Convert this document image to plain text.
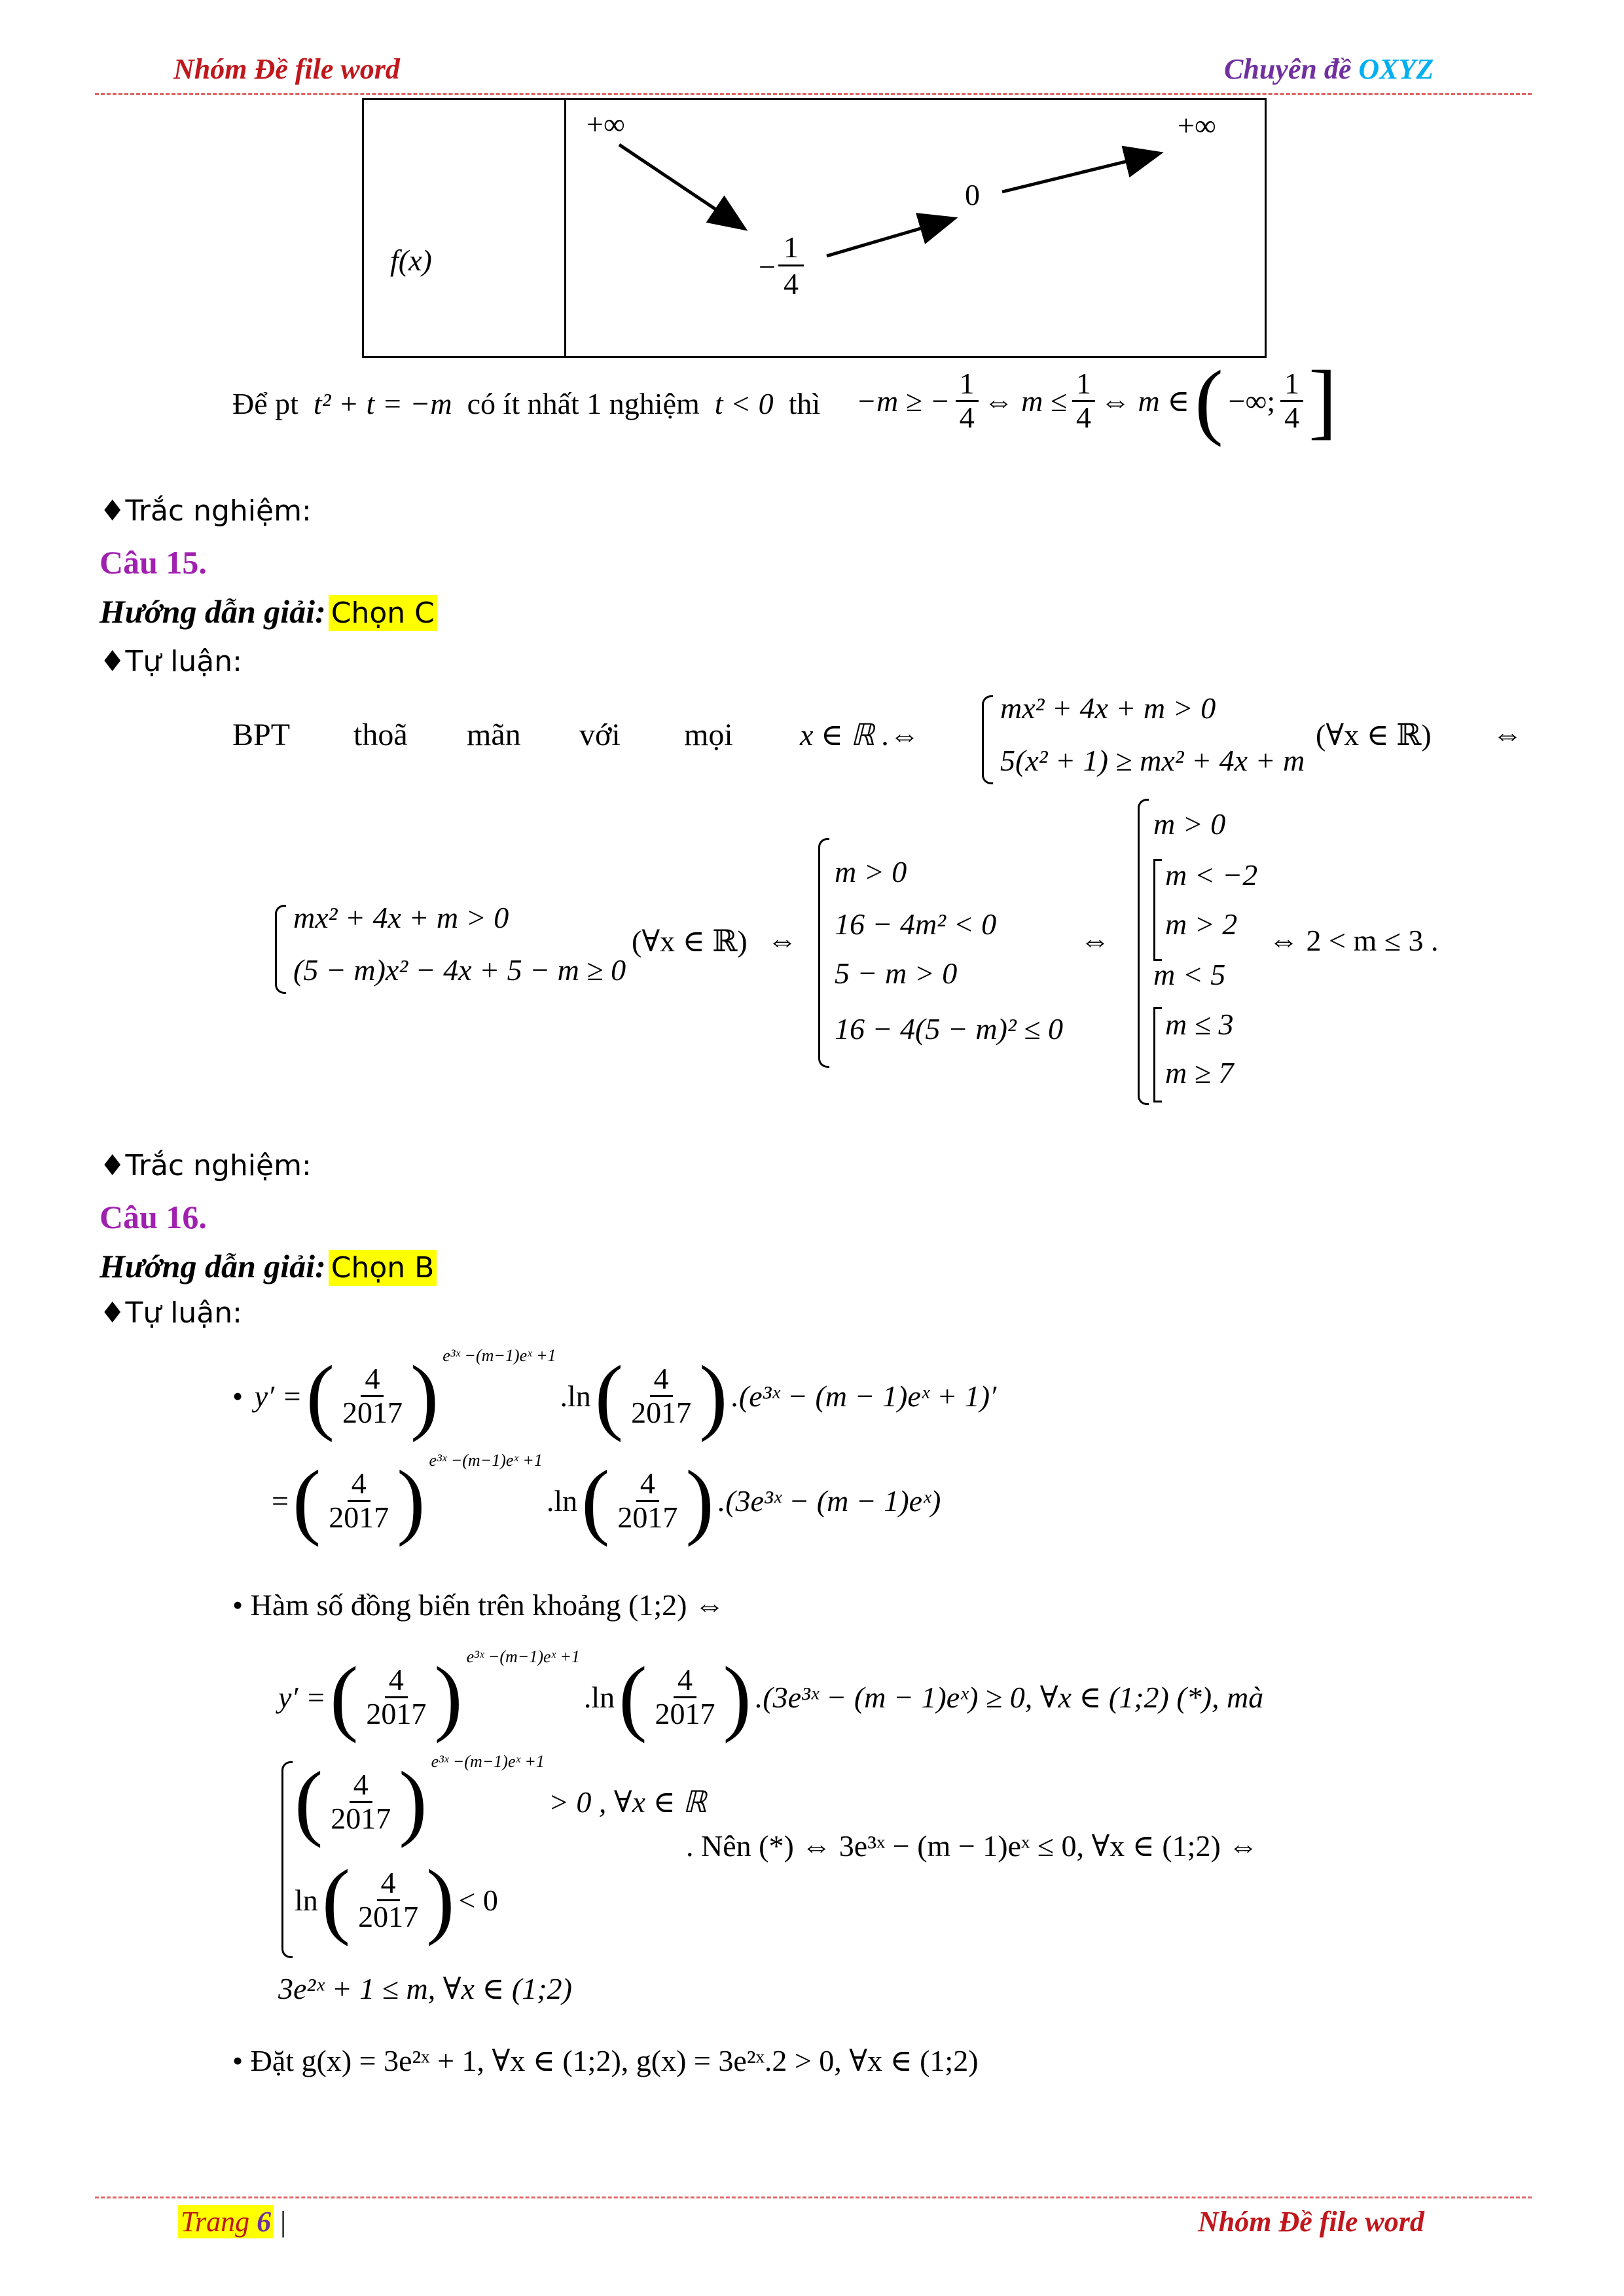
Nhóm Đề file word	Chuyên đề OXYZ
f(x)
+∞	+∞
0
− $\frac{1}{4}$
Để pt t² + t = −m có ít nhất 1 nghiệm t < 0 thì −m ≥ − $\frac{1}{4}$ ⇔ $m \le \frac{1}{4}$ ⇔ m ∈ ( −∞; $\frac{1}{4}$ ]
♦Trắc nghiệm:
Câu 15.
Hướng dẫn giải: Chọn C
♦Tự luận:
BPT thoã mãn với mọi x ∈ ℝ .⇔
mx² + 4x + m > 0
5(x² + 1) ≥ mx² + 4x + m
(∀x ∈ ℝ) ⇔
mx² + 4x + m > 0
(5 − m)x² − 4x + 5 − m ≥ 0
(∀x ∈ ℝ) ⇔
m > 0
16 − 4m² < 0
5 − m > 0
16 − 4(5 − m)² ≤ 0
⇔
m > 0
m < −2
m > 2
m < 5
m ≤ 3
m ≥ 7
⇔ 2 < m ≤ 3 .
♦Trắc nghiệm:
Câu 16.
Hướng dẫn giải: Chọn B
♦Tự luận:
• y′ = ( $\frac{4}{2017}$ ) e³ˣ −(m−1)eˣ +1
.ln ( $\frac{4}{2017}$ ) .(e³ˣ − (m − 1)eˣ + 1)′
= ( $\frac{4}{2017}$ ) e³ˣ −(m−1)eˣ +1
.ln ( $\frac{4}{2017}$ ) .(3e³ˣ − (m − 1)eˣ)
• Hàm số đồng biến trên khoảng (1;2) ⇔
y′ = ( $\frac{4}{2017}$ ) e³ˣ −(m−1)eˣ +1
.ln ( $\frac{4}{2017}$ ) .(3e³ˣ − (m − 1)eˣ) ≥ 0, ∀x ∈ (1;2) (*), mà
( $\frac{4}{2017}$ ) e³ˣ −(m−1)eˣ +1
> 0 , ∀x ∈ ℝ
ln ( $\frac{4}{2017}$ ) < 0
. Nên (*) ⇔ 3e³ˣ − (m − 1)eˣ ≤ 0, ∀x ∈ (1;2) ⇔
3e²ˣ + 1 ≤ m, ∀x ∈ (1;2)
• Đặt g(x) = 3e²ˣ + 1, ∀x ∈ (1;2), g(x) = 3e²ˣ.2 > 0, ∀x ∈ (1;2)
Trang 6 |	Nhóm Đề file word
